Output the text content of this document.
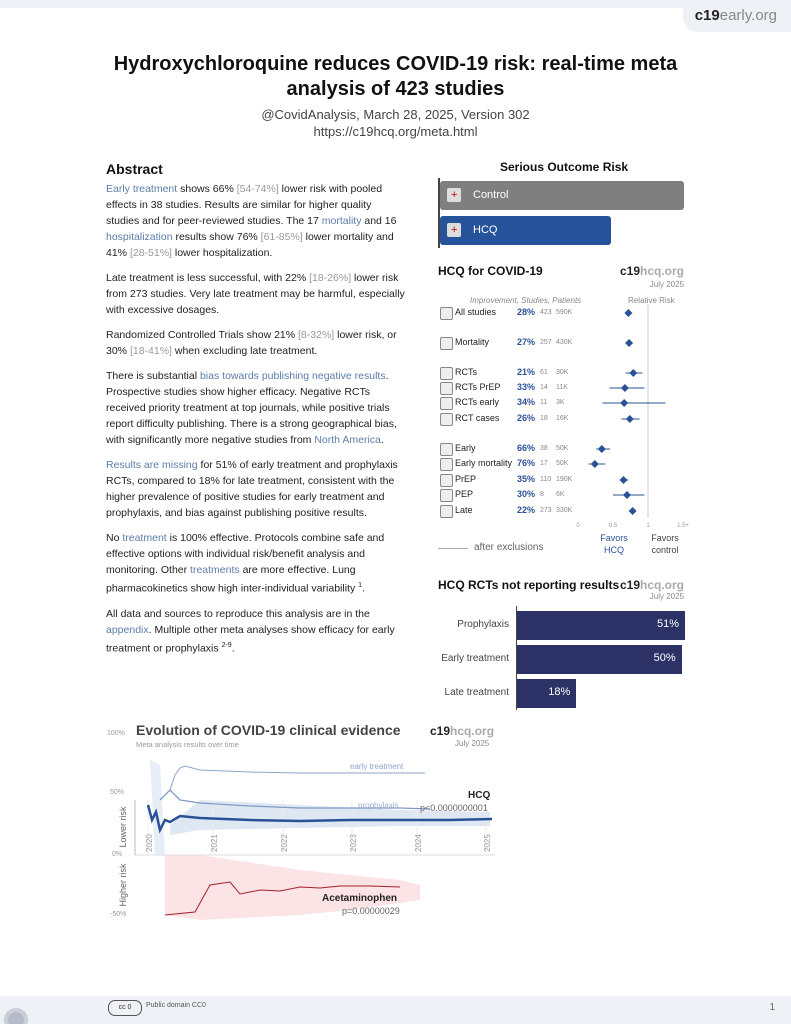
c19early.org
Hydroxychloroquine reduces COVID-19 risk: real-time meta analysis of 423 studies
@CovidAnalysis, March 28, 2025, Version 302
https://c19hcq.org/meta.html
Abstract

Early treatment shows 66% [54-74%] lower risk with pooled effects in 38 studies. Results are similar for higher quality studies and for peer-reviewed studies. The 17 mortality and 16 hospitalization results show 76% [61-85%] lower mortality and 41% [28-51%] lower hospitalization.

Late treatment is less successful, with 22% [18-26%] lower risk from 273 studies. Very late treatment may be harmful, especially with excessive dosages.

Randomized Controlled Trials show 21% [8-32%] lower risk, or 30% [18-41%] when excluding late treatment.

There is substantial bias towards publishing negative results. Prospective studies show higher efficacy. Negative RCTs received priority treatment at top journals, while positive trials report difficulty publishing. There is a strong geographical bias, with significantly more negative studies from North America.

Results are missing for 51% of early treatment and prophylaxis RCTs, compared to 18% for late treatment, consistent with the higher prevalence of positive studies for early treatment and prophylaxis, and bias against publishing positive results.

No treatment is 100% effective. Protocols combine safe and effective options with individual risk/benefit analysis and monitoring. Other treatments are more effective. Lung pharmacokinetics show high inter-individual variability $^1$.

All data and sources to reproduce this analysis are in the appendix. Multiple other meta analyses show efficacy for early treatment or prophylaxis $^{2-9}$.

Serious Outcome Risk
+ Control
+ HCQ
HCQ for COVID-19	c19hcq.org
July 2025
Improvement, Studies, Patients	Relative Risk
All studies 28% 423 590K
Mortality	27% 257 430K
RCTs	21% 61 30K
RCTs PrEP 33% 14 11K
RCTs early 34% 11 3K
RCT cases 26% 18 16K
Early	66% 38 50K
Early mortality 76% 17 50K
PrEP	35% 110 190K
PEP	30% 8 6K
Late	22% 273 330K
0	0.5	1	1.5+
after exclusions
Favors HCQ
Favors control
HCQ RCTs not reporting results c19hcq.org
July 2025
Prophylaxis	51%
Early treatment	50%
Late treatment	18%
100% Evolution of COVID-19 clinical evidence
Meta analysis results over time
c19hcq.org
July 2025
50%
0%
-50%
Lower risk
Higher risk
2020	2021	2022	2023	2024	2025
early treatment
prophylaxis
HCQ
p<0.0000000001
Acetaminophen
p=0.00000029
cc 0	Public domain CC0	1
